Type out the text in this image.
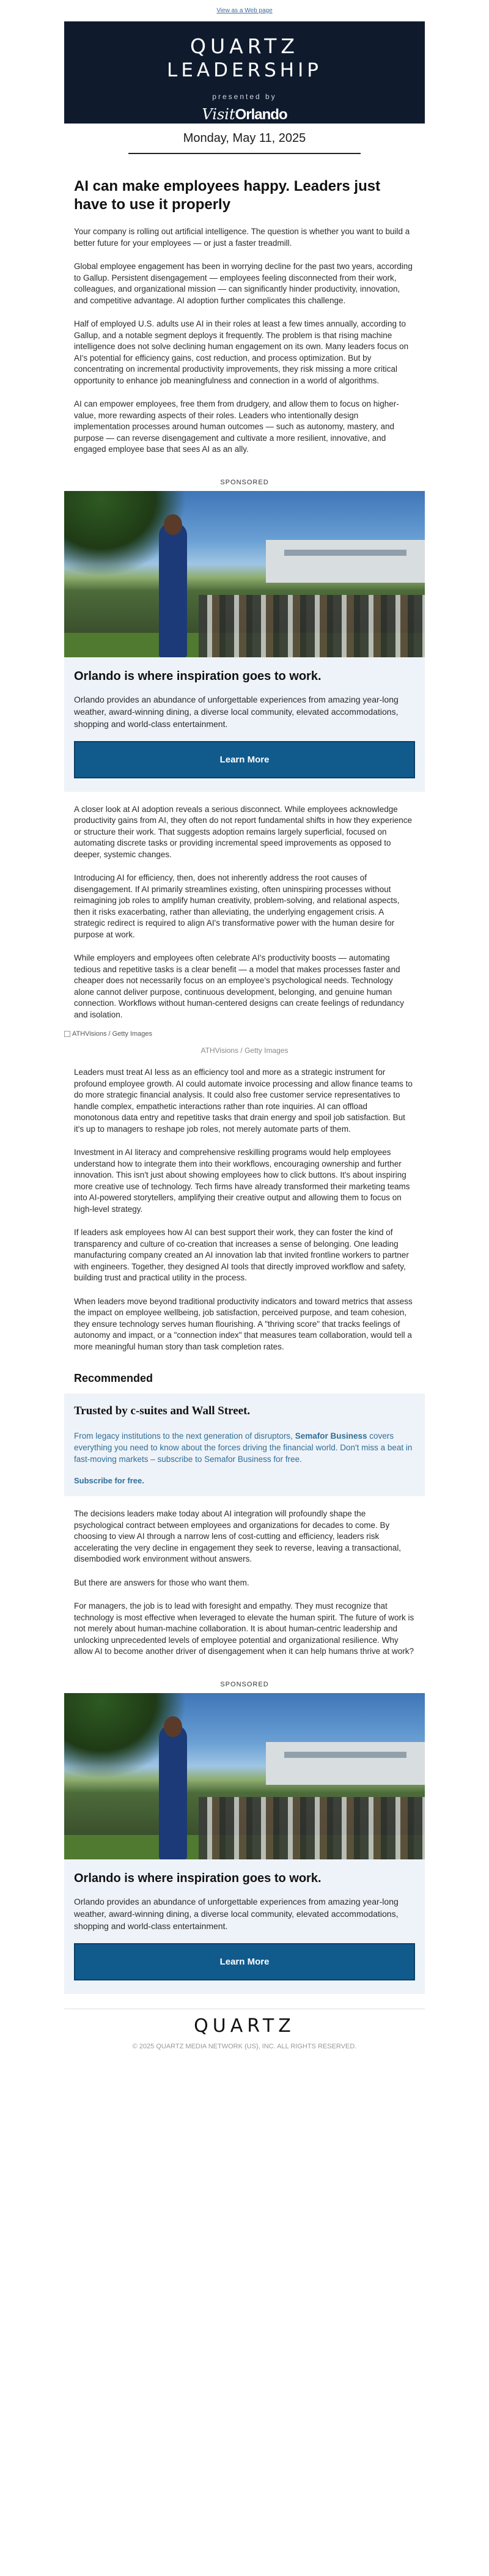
View as a Web page
QUARTZ
LEADERSHIP
presented by
VisitOrlando
Monday, May 11, 2025
AI can make employees happy. Leaders just have to use it properly

Your company is rolling out artificial intelligence. The question is whether you want to build a better future for your employees — or just a faster treadmill.

Global employee engagement has been in worrying decline for the past two years, according to Gallup. Persistent disengagement — employees feeling disconnected from their work, colleagues, and organizational mission — can significantly hinder productivity, innovation, and competitive advantage. AI adoption further complicates this challenge.

Half of employed U.S. adults use AI in their roles at least a few times annually, according to Gallup, and a notable segment deploys it frequently. The problem is that rising machine intelligence does not solve declining human engagement on its own. Many leaders focus on AI's potential for efficiency gains, cost reduction, and process optimization. But by concentrating on incremental productivity improvements, they risk missing a more critical opportunity to enhance job meaningfulness and connection in a world of algorithms.

AI can empower employees, free them from drudgery, and allow them to focus on higher-value, more rewarding aspects of their roles. Leaders who intentionally design implementation processes around human outcomes — such as autonomy, mastery, and purpose — can reverse disengagement and cultivate a more resilient, innovative, and engaged employee base that sees AI as an ally.

SPONSORED
Orlando is where inspiration goes to work.

Orlando provides an abundance of unforgettable experiences from amazing year-long weather, award-winning dining, a diverse local community, elevated accommodations, shopping and world-class entertainment.

Learn More

A closer look at AI adoption reveals a serious disconnect. While employees acknowledge productivity gains from AI, they often do not report fundamental shifts in how they experience or structure their work. That suggests adoption remains largely superficial, focused on automating discrete tasks or providing incremental speed improvements as opposed to deeper, systemic changes.

Introducing AI for efficiency, then, does not inherently address the root causes of disengagement. If AI primarily streamlines existing, often uninspiring processes without reimagining job roles to amplify human creativity, problem-solving, and relational aspects, then it risks exacerbating, rather than alleviating, the underlying engagement crisis. A strategic redirect is required to align AI's transformative power with the human desire for purpose at work.

While employers and employees often celebrate AI's productivity boosts — automating tedious and repetitive tasks is a clear benefit — a model that makes processes faster and cheaper does not necessarily focus on an employee's psychological needs. Technology alone cannot deliver purpose, continuous development, belonging, and genuine human connection. Workflows without human-centered designs can create feelings of redundancy and isolation.

ATHVisions / Getty Images
ATHVisions / Getty Images

Leaders must treat AI less as an efficiency tool and more as a strategic instrument for profound employee growth. AI could automate invoice processing and allow finance teams to do more strategic financial analysis. It could also free customer service representatives to handle complex, empathetic interactions rather than rote inquiries. AI can offload monotonous data entry and repetitive tasks that drain energy and spoil job satisfaction. But it's up to managers to reshape job roles, not merely automate parts of them.

Investment in AI literacy and comprehensive reskilling programs would help employees understand how to integrate them into their workflows, encouraging ownership and further innovation. This isn't just about showing employees how to click buttons. It's about inspiring more creative use of technology. Tech firms have already transformed their marketing teams into AI-powered storytellers, amplifying their creative output and allowing them to focus on high-level strategy.

If leaders ask employees how AI can best support their work, they can foster the kind of transparency and culture of co-creation that increases a sense of belonging. One leading manufacturing company created an AI innovation lab that invited frontline workers to partner with engineers. Together, they designed AI tools that directly improved workflow and safety, building trust and practical utility in the process.

When leaders move beyond traditional productivity indicators and toward metrics that assess the impact on employee wellbeing, job satisfaction, perceived purpose, and team cohesion, they ensure technology serves human flourishing. A "thriving score" that tracks feelings of autonomy and impact, or a "connection index" that measures team collaboration, would tell a more meaningful human story than task completion rates.

Recommended
Trusted by c-suites and Wall Street.

From legacy institutions to the next generation of disruptors, Semafor Business covers everything you need to know about the forces driving the financial world. Don't miss a beat in fast-moving markets – subscribe to Semafor Business for free.

Subscribe for free.

The decisions leaders make today about AI integration will profoundly shape the psychological contract between employees and organizations for decades to come. By choosing to view AI through a narrow lens of cost-cutting and efficiency, leaders risk accelerating the very decline in engagement they seek to reverse, leaving a transactional, disembodied work environment without answers.

But there are answers for those who want them.

For managers, the job is to lead with foresight and empathy. They must recognize that technology is most effective when leveraged to elevate the human spirit. The future of work is not merely about human-machine collaboration. It is about human-centric leadership and unlocking unprecedented levels of employee potential and organizational resilience. Why allow AI to become another driver of disengagement when it can help humans thrive at work?

SPONSORED
Orlando is where inspiration goes to work.

Orlando provides an abundance of unforgettable experiences from amazing year-long weather, award-winning dining, a diverse local community, elevated accommodations, shopping and world-class entertainment.

Learn More
QUARTZ
© 2025 QUARTZ MEDIA NETWORK (US), INC. ALL RIGHTS RESERVED.
